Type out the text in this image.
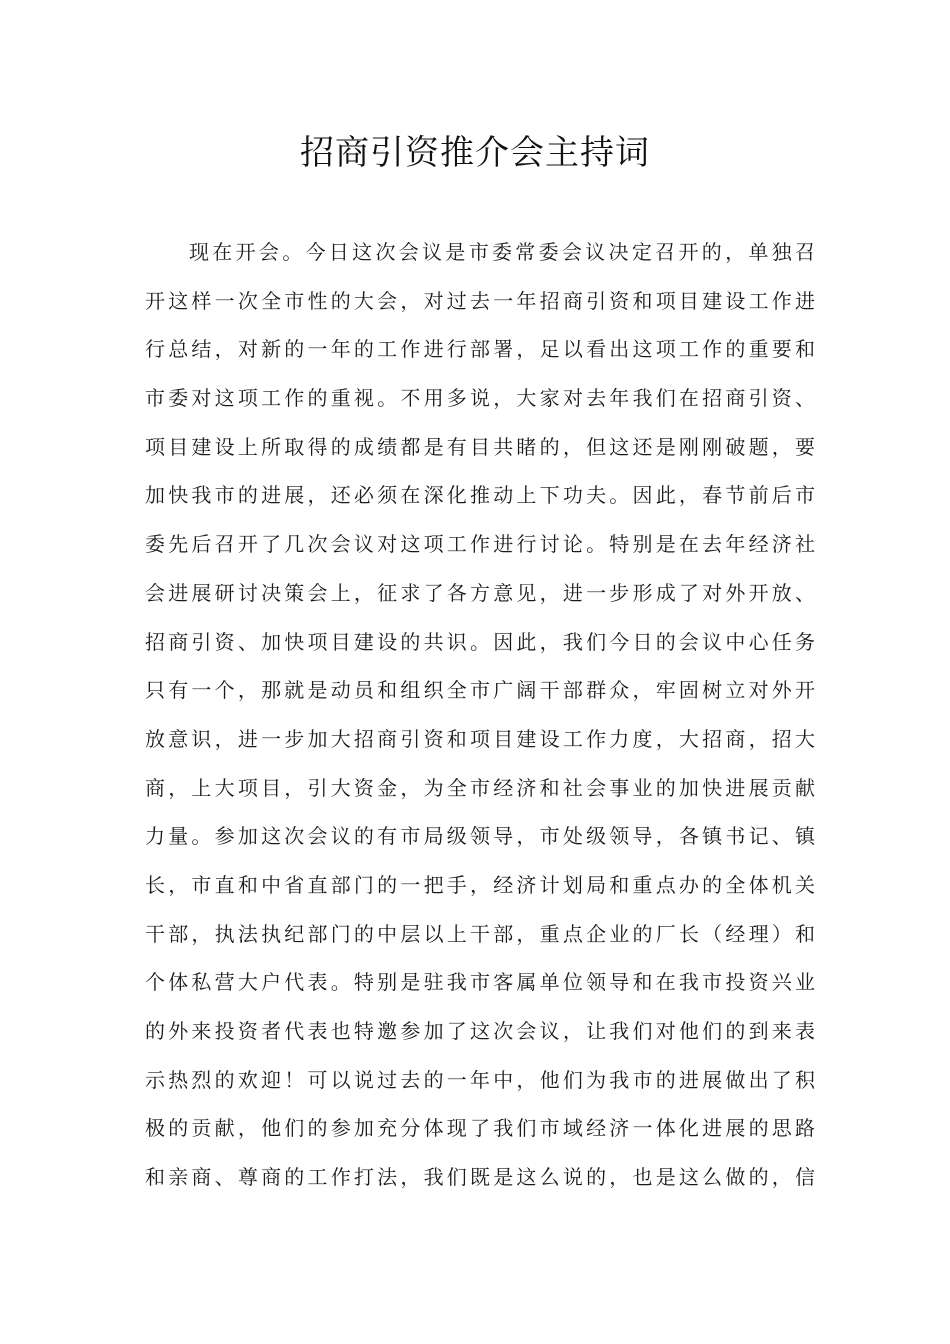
招商引资推介会主持词

现在开会。今日这次会议是市委常委会议决定召开的，单独召

开这样一次全市性的大会，对过去一年招商引资和项目建设工作进

行总结，对新的一年的工作进行部署，足以看出这项工作的重要和

市委对这项工作的重视。不用多说，大家对去年我们在招商引资、

项目建设上所取得的成绩都是有目共睹的，但这还是刚刚破题，要

加快我市的进展，还必须在深化推动上下功夫。因此，春节前后市

委先后召开了几次会议对这项工作进行讨论。特别是在去年经济社

会进展研讨决策会上，征求了各方意见，进一步形成了对外开放、

招商引资、加快项目建设的共识。因此，我们今日的会议中心任务

只有一个，那就是动员和组织全市广阔干部群众，牢固树立对外开

放意识，进一步加大招商引资和项目建设工作力度，大招商，招大

商，上大项目，引大资金，为全市经济和社会事业的加快进展贡献

力量。参加这次会议的有市局级领导，市处级领导，各镇书记、镇

长，市直和中省直部门的一把手，经济计划局和重点办的全体机关

干部，执法执纪部门的中层以上干部，重点企业的厂长（经理）和

个体私营大户代表。特别是驻我市客属单位领导和在我市投资兴业

的外来投资者代表也特邀参加了这次会议，让我们对他们的到来表

示热烈的欢迎！可以说过去的一年中，他们为我市的进展做出了积

极的贡献，他们的参加充分体现了我们市域经济一体化进展的思路

和亲商、尊商的工作打法，我们既是这么说的，也是这么做的，信
